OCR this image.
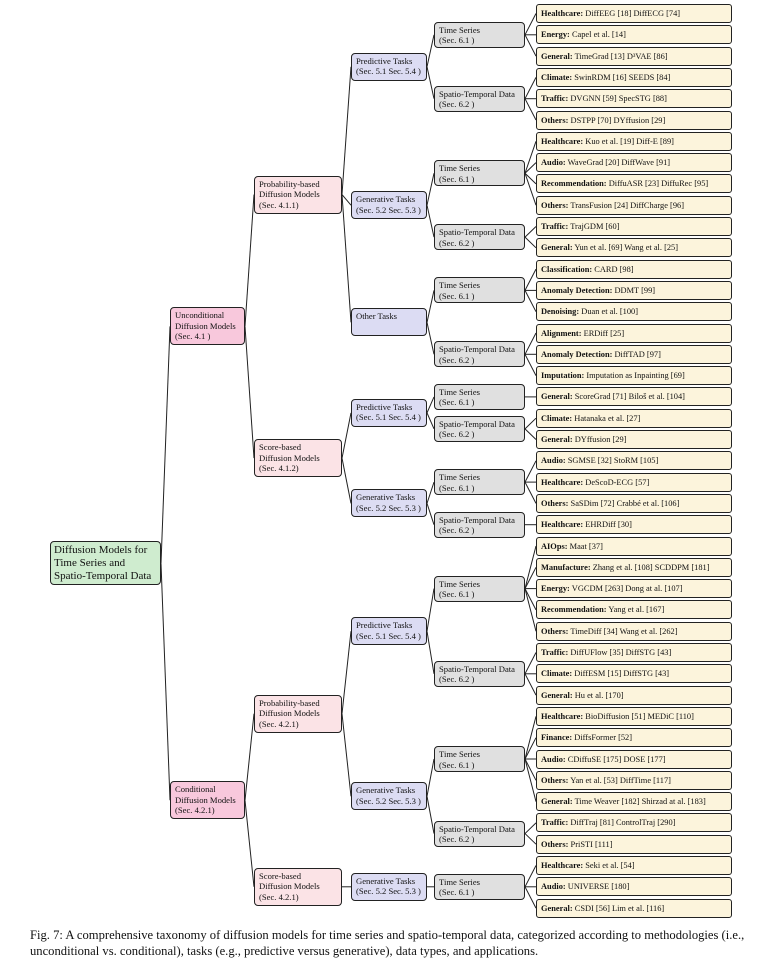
Healthcare: DiffEEG [18] DiffECG [74]
Energy: Capel et al. [14]
General: TimeGrad [13] D³VAE [86]
Time Series
(Sec. 6.1 )
Climate: SwinRDM [16] SEEDS [84]
Traffic: DVGNN [59] SpecSTG [88]
Others: DSTPP [70] DYffusion [29]
Spatio-Temporal Data
(Sec. 6.2 )
Predictive Tasks
(Sec. 5.1 Sec. 5.4 )
Healthcare: Kuo et al. [19] Diff-E [89]
Audio: WaveGrad [20] DiffWave [91]
Recommendation: DiffuASR [23] DiffuRec [95]
Others: TransFusion [24] DiffCharge [96]
Time Series
(Sec. 6.1 )
Traffic: TrajGDM [60]
General: Yun et al. [69] Wang et al. [25]
Spatio-Temporal Data
(Sec. 6.2 )
Generative Tasks
(Sec. 5.2 Sec. 5.3 )
Classification: CARD [98]
Anomaly Detection: DDMT [99]
Denoising: Duan et al. [100]
Time Series
(Sec. 6.1 )
Alignment: ERDiff [25]
Anomaly Detection: DiffTAD [97]
Imputation: Imputation as Inpainting [69]
Spatio-Temporal Data
(Sec. 6.2 )
Other Tasks
Probability-based
Diffusion Models
(Sec. 4.1.1)
General: ScoreGrad [71] Biloš et al. [104]
Time Series
(Sec. 6.1 )
Climate: Hatanaka et al. [27]
General: DYffusion [29]
Spatio-Temporal Data
(Sec. 6.2 )
Predictive Tasks
(Sec. 5.1 Sec. 5.4 )
Audio: SGMSE [32] StoRM [105]
Healthcare: DeScoD-ECG [57]
Others: SaSDim [72] Crabbé et al. [106]
Time Series
(Sec. 6.1 )
Healthcare: EHRDiff [30]
Spatio-Temporal Data
(Sec. 6.2 )
Generative Tasks
(Sec. 5.2 Sec. 5.3 )
Score-based
Diffusion Models
(Sec. 4.1.2)
Unconditional
Diffusion Models
(Sec. 4.1 )
AIOps: Maat [37]
Manufacture: Zhang et al. [108] SCDDPM [181]
Energy: VGCDM [263] Dong at al. [107]
Recommendation: Yang et al. [167]
Others: TimeDiff [34] Wang et al. [262]
Time Series
(Sec. 6.1 )
Traffic: DiffUFlow [35] DiffSTG [43]
Climate: DiffESM [15] DiffSTG [43]
General: Hu et al. [170]
Spatio-Temporal Data
(Sec. 6.2 )
Predictive Tasks
(Sec. 5.1 Sec. 5.4 )
Healthcare: BioDiffusion [51] MEDiC [110]
Finance: DiffsFormer [52]
Audio: CDiffuSE [175] DOSE [177]
Others: Yan et al. [53] DiffTime [117]
General: Time Weaver [182] Shirzad at al. [183]
Time Series
(Sec. 6.1 )
Traffic: DiffTraj [81] ControlTraj [290]
Others: PriSTI [111]
Spatio-Temporal Data
(Sec. 6.2 )
Generative Tasks
(Sec. 5.2 Sec. 5.3 )
Probability-based
Diffusion Models
(Sec. 4.2.1)
Healthcare: Seki et al. [54]
Audio: UNIVERSE [180]
General: CSDI [56] Lim et al. [116]
Time Series
(Sec. 6.1 )
Generative Tasks
(Sec. 5.2 Sec. 5.3 )
Score-based
Diffusion Models
(Sec. 4.2.1)
Conditional
Diffusion Models
(Sec. 4.2.1)
Diffusion Models for
Time Series and
Spatio-Temporal Data
Fig. 7: A comprehensive taxonomy of diffusion models for time series and spatio-temporal data, categorized according to methodologies (i.e., unconditional vs. conditional), tasks (e.g., predictive versus generative), data types, and applications.
